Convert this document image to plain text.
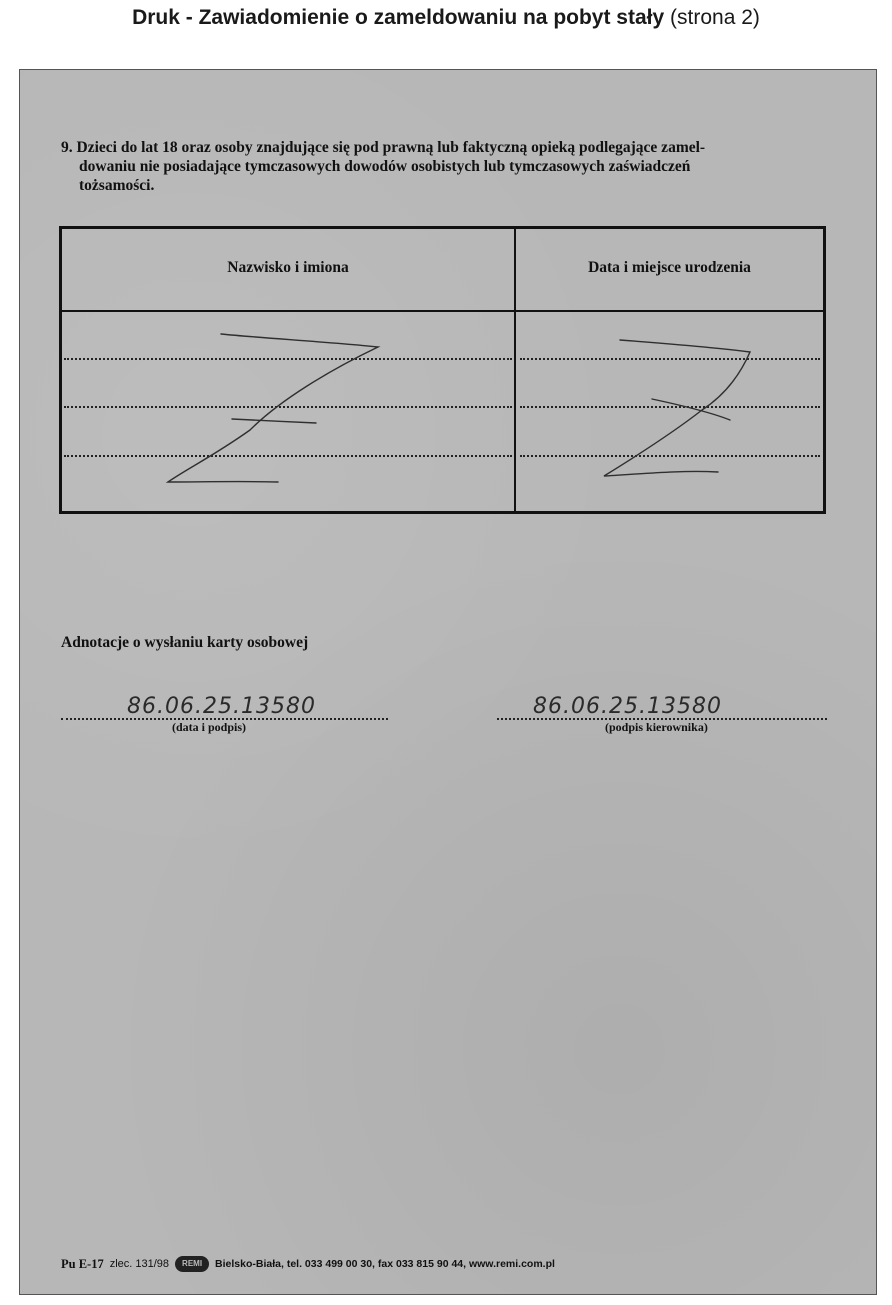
Druk - Zawiadomienie o zameldowaniu na pobyt stały (strona 2)
9. Dzieci do lat 18 oraz osoby znajdujące się pod prawną lub faktyczną opieką podlegające zamel-
dowaniu nie posiadające tymczasowych dowodów osobistych lub tymczasowych zaświadczeń
tożsamości.
Nazwisko i imiona	Data i miejsce urodzenia
Adnotacje o wysłaniu karty osobowej
86.06.25.13580
(data i podpis)
86.06.25.13580
(podpis kierownika)
Pu E-17 zlec. 131/98	REMI	Bielsko-Biała, tel. 033 499 00 30, fax 033 815 90 44, www.remi.com.pl
